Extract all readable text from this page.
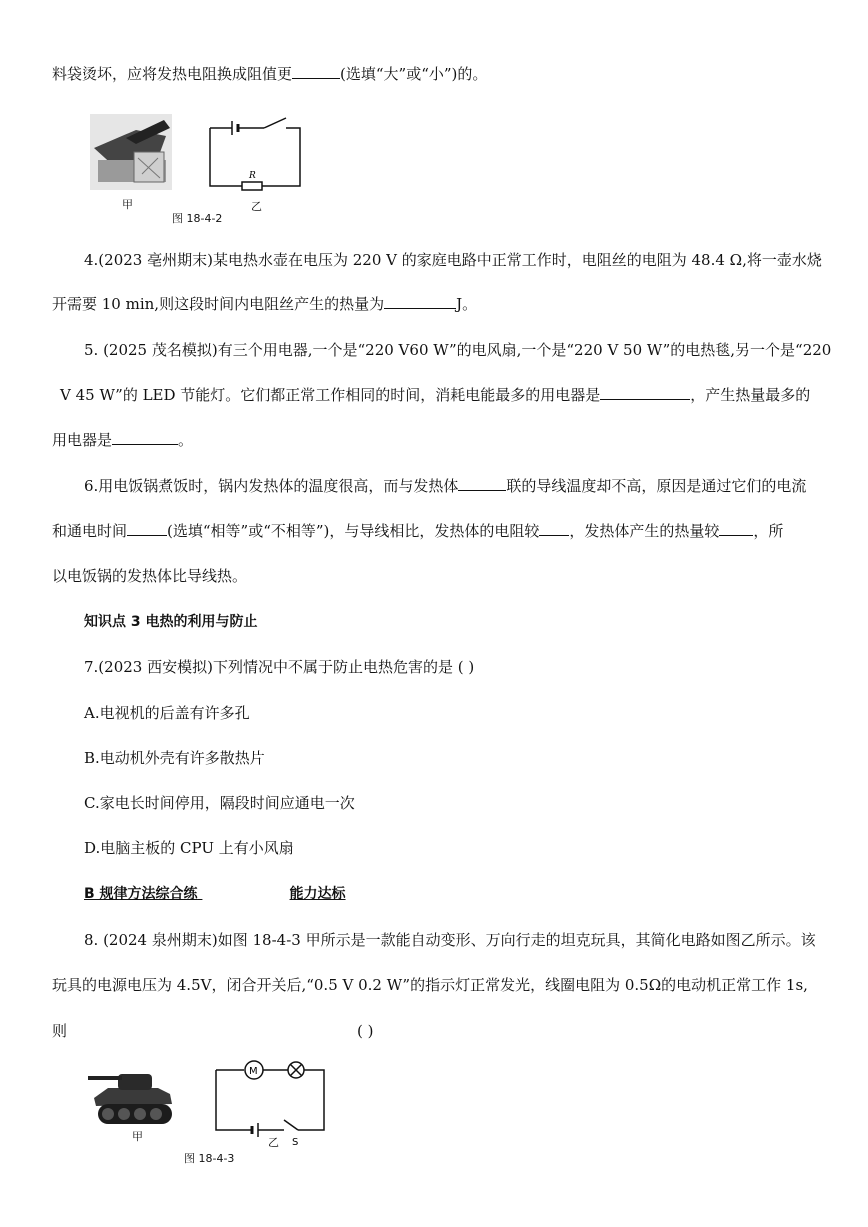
料袋烫坏，应将发热电阻换成阻值更	(选填“大”或“小”)的。
R
甲	乙
图 18-4-2
4.(2023 亳州期末)某电热水壶在电压为 220 V 的家庭电路中正常工作时，电阻丝的电阻为 48.4 Ω,将一壶水烧
开需要 10 min,则这段时间内电阻丝产生的热量为	J。
5. (2025 茂名模拟)有三个用电器,一个是“220 V60 W”的电风扇,一个是“220 V 50 W”的电热毯,另一个是“220
V 45 W”的 LED 节能灯。它们都正常工作相同的时间，消耗电能最多的用电器是	，产生热量最多的
用电器是	。
6.用电饭锅煮饭时，锅内发热体的温度很高，而与发热体	联的导线温度却不高，原因是通过它们的电流
和通电时间	(选填“相等”或“不相等”)，与导线相比，发热体的电阻较 ，发热体产生的热量较 ，所
以电饭锅的发热体比导线热。
知识点 3 电热的利用与防止
7.(2023 西安模拟)下列情况中不属于防止电热危害的是 ( )
A.电视机的后盖有许多孔
B.电动机外壳有许多散热片
C.家电长时间停用，隔段时间应通电一次
D.电脑主板的 CPU 上有小风扇
B 规律方法综合练	能力达标
8. (2024 泉州期末)如图 18-4-3 甲所示是一款能自动变形、万向行走的坦克玩具，其简化电路如图乙所示。该
玩具的电源电压为 4.5V，闭合开关后,“0.5 V 0.2 W”的指示灯正常发光，线圈电阻为 0.5Ω的电动机正常工作 1s,
则	( )
M
S
甲	乙
图 18-4-3
